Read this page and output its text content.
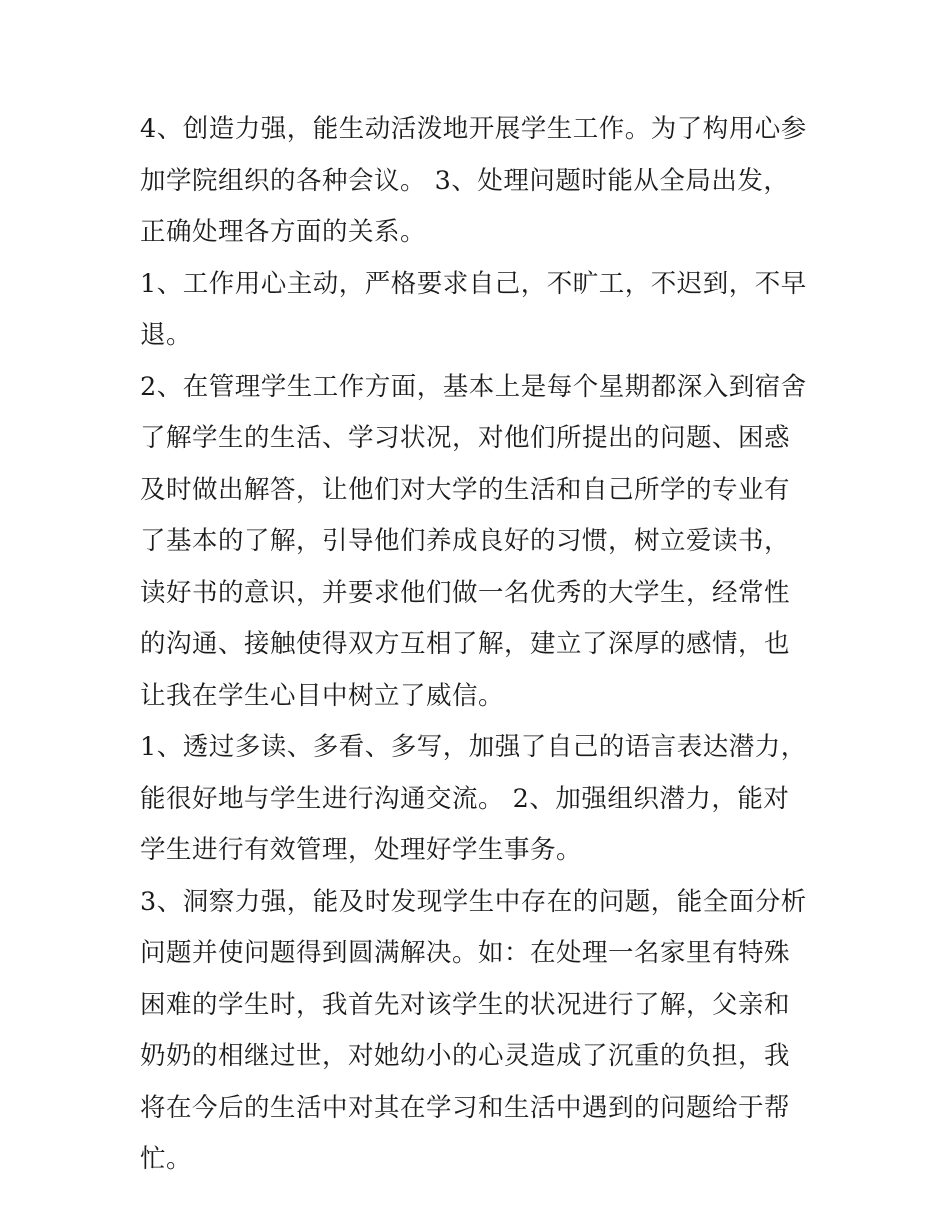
4、创造力强，能生动活泼地开展学生工作。为了构用心参加学院组织的各种会议。 3、处理问题时能从全局出发，正确处理各方面的关系。

1、工作用心主动，严格要求自己，不旷工，不迟到，不早退。

2、在管理学生工作方面，基本上是每个星期都深入到宿舍了解学生的生活、学习状况，对他们所提出的问题、困惑及时做出解答，让他们对大学的生活和自己所学的专业有了基本的了解，引导他们养成良好的习惯，树立爱读书，读好书的意识，并要求他们做一名优秀的大学生，经常性的沟通、接触使得双方互相了解，建立了深厚的感情，也让我在学生心目中树立了威信。

1、透过多读、多看、多写，加强了自己的语言表达潜力，能很好地与学生进行沟通交流。 2、加强组织潜力，能对学生进行有效管理，处理好学生事务。

3、洞察力强，能及时发现学生中存在的问题，能全面分析问题并使问题得到圆满解决。如：在处理一名家里有特殊困难的学生时，我首先对该学生的状况进行了解，父亲和奶奶的相继过世，对她幼小的心灵造成了沉重的负担，我将在今后的生活中对其在学习和生活中遇到的问题给于帮忙。
